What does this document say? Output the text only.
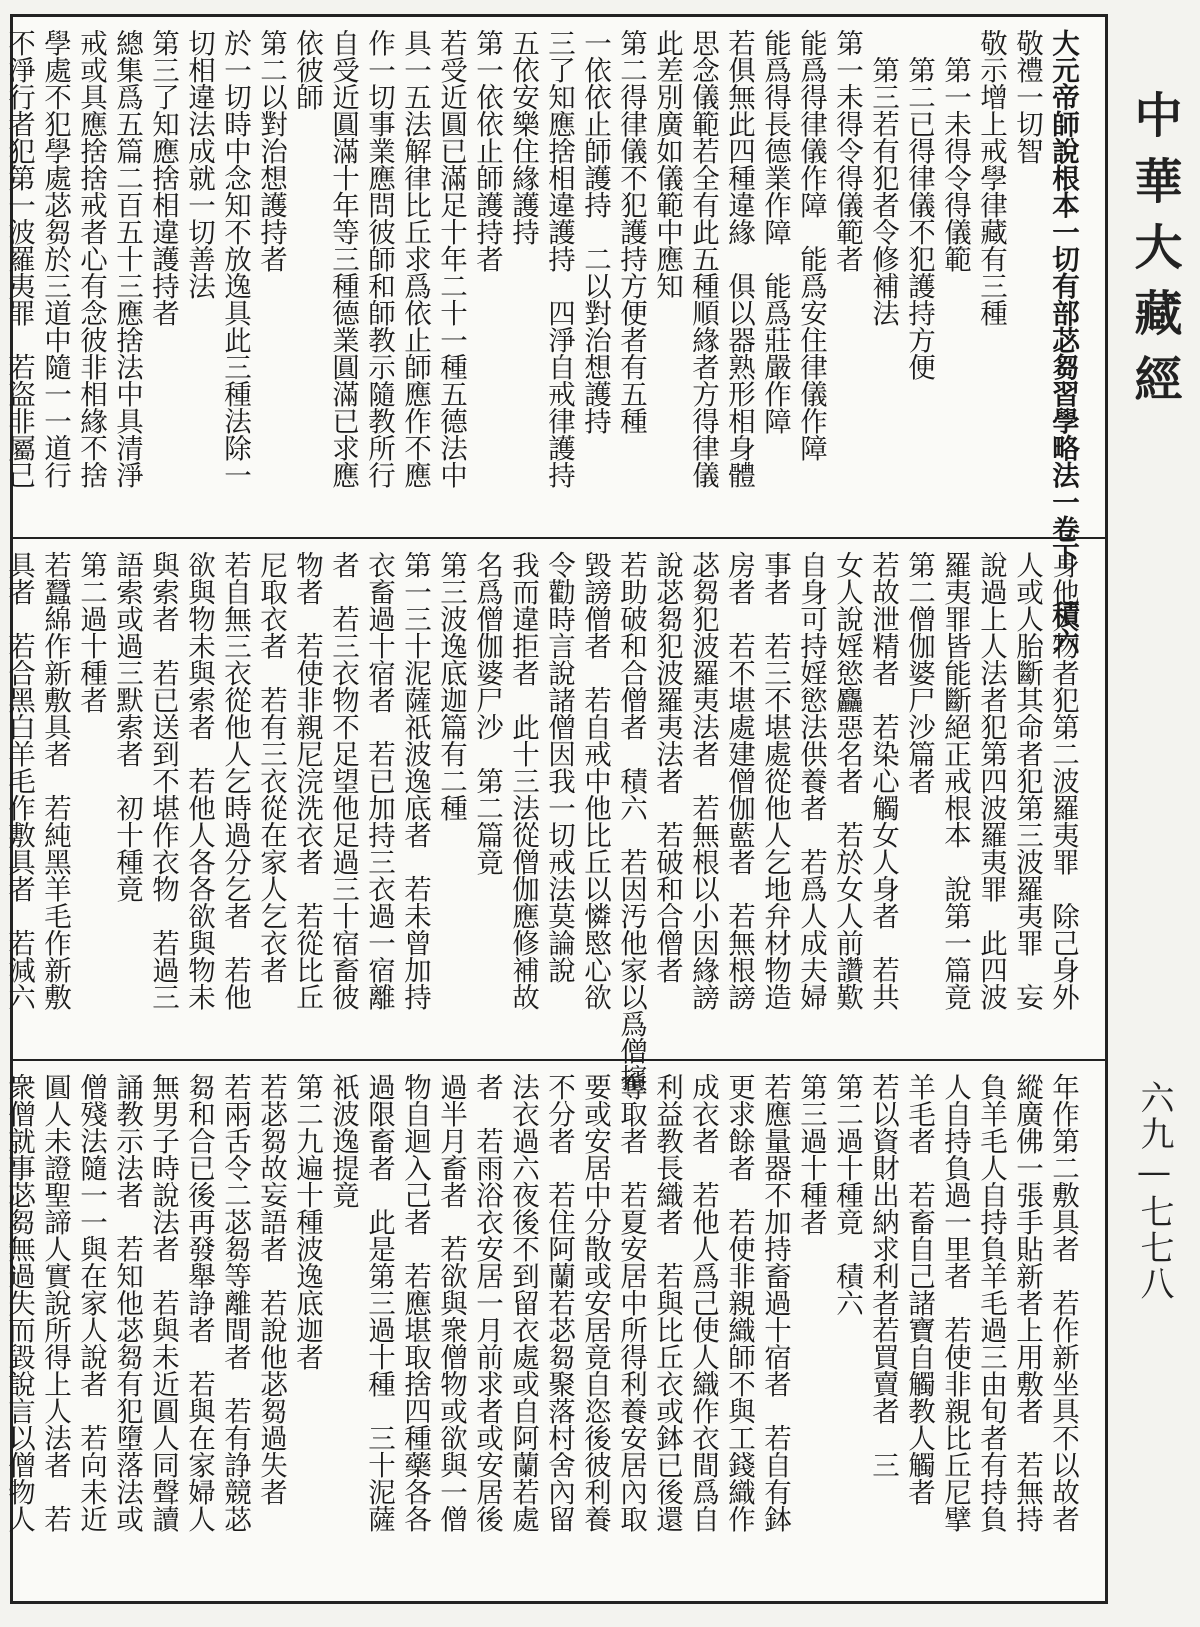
大元帝師說根本一切有部苾芻習學略法一卷下 積六
敬禮一切智
敬示增上戒學律藏有三種
　第一未得令得儀範
　第二已得律儀不犯護持方便
　第三若有犯者令修補法
第一未得令得儀範者
能爲得律儀作障　能爲安住律儀作障
能爲得長德業作障　能爲莊嚴作障
若俱無此四種違緣　俱以器熟形相身體
思念儀範若全有此五種順緣者方得律儀
此差別廣如儀範中應知
第二得律儀不犯護持方便者有五種
一依依止師護持　二以對治想護持
三了知應捨相違護持　四淨自戒律護持
五依安樂住緣護持
第一依依止師護持者
若受近圓已滿足十年二十一種五德法中
具一五法解律比丘求爲依止師應作不應
作一切事業應問彼師和師教示隨教所行
自受近圓滿十年等三種德業圓滿已求應
依彼師
第二以對治想護持者
於一切時中念知不放逸具此三種法除一
切相違法成就一切善法
第三了知應捨相違護持者
總集爲五篇二百五十三應捨法中具清淨
戒或具應捨捨戒者心有念彼非相緣不捨
學處不犯學處苾芻於三道中隨一一道行
不淨行者犯第一波羅夷罪　若盜非屬己
身他人物者犯第二波羅夷罪　除己身外
人或人胎斷其命者犯第三波羅夷罪　妄
說過上人法者犯第四波羅夷罪　此四波
羅夷罪皆能斷絕正戒根本　說第一篇竟
第二僧伽婆尸沙篇者
若故泄精者　若染心觸女人身者　若共
女人說婬慾麤惡名者　若於女人前讚歎
自身可持婬慾法供養者　若爲人成夫婦
事者　若三不堪處從他人乞地弁材物造
房者　若不堪處建僧伽藍者　若無根謗
苾芻犯波羅夷法者　若無根以小因緣謗
說苾芻犯波羅夷法者　若破和合僧者
若助破和合僧者　積六　若因汚他家以爲僧擯
毀謗僧者　若自戒中他比丘以憐愍心欲
令勸時言說諸僧因我一切戒法莫論說
我而違拒者　此十三法從僧伽應修補故
名爲僧伽婆尸沙　第二篇竟
第三波逸底迦篇有二種
第一三十泥薩祇波逸底者　若未曾加持
衣畜過十宿者　若已加持三衣過一宿離
者　若三衣物不足望他足過三十宿畜彼
物者　若使非親尼浣洗衣者　若從比丘
尼取衣者　若有三衣從在家人乞衣者
若自無三衣從他人乞時過分乞者　若他
欲與物未與索者　若他人各各欲與物未
與索者　若已送到不堪作衣物　若過三
語索或過三默索者　初十種竟
第二過十種者
若蠶綿作新敷具者　若純黑羊毛作新敷
具者　若合黑白羊毛作敷具者　若減六
年作第二敷具者　若作新坐具不以故者
縱廣佛一張手貼新者上用敷者　若無持
負羊毛人自持負羊毛過三由旬者有持負
人自持負過一里者　若使非親比丘尼擘
羊毛者　若畜自己諸寶自觸教人觸者
若以資財出納求利者若買賣者　三
第二過十種竟　積六
第三過十種者
若應量器不加持畜過十宿者　若自有鉢
更求餘者　若使非親織師不與工錢織作
成衣者　若他人爲己使人織作衣間爲自
利益教長織者　若與比丘衣或鉢已後還
奪取者　若夏安居中所得利養安居內取
要或安居中分散或安居竟自恣後彼利養
不分者　若住阿蘭若苾芻聚落村舍內留
法衣過六夜後不到留衣處或自阿蘭若處
者　若雨浴衣安居一月前求者或安居後
過半月畜者　若欲與衆僧物或欲與一僧
物自迴入己者　若應堪取捨四種藥各各
過限畜者　此是第三過十種　三十泥薩
祇波逸提竟
第二九遍十種波逸底迦者
若苾芻故妄語者　若說他苾芻過失者
若兩舌令二苾芻等離間者　若有諍競苾
芻和合已後再發舉諍者　若與在家婦人
無男子時說法者　若與未近圓人同聲讀
誦教示法者　若知他苾芻有犯墮落法或
僧殘法隨一一與在家人說者　若向未近
圓人未證聖諦人實說所得上人法者　若
衆僧就事苾芻無過失而毀說言以僧物人
中華大藏經
六九—七七八
